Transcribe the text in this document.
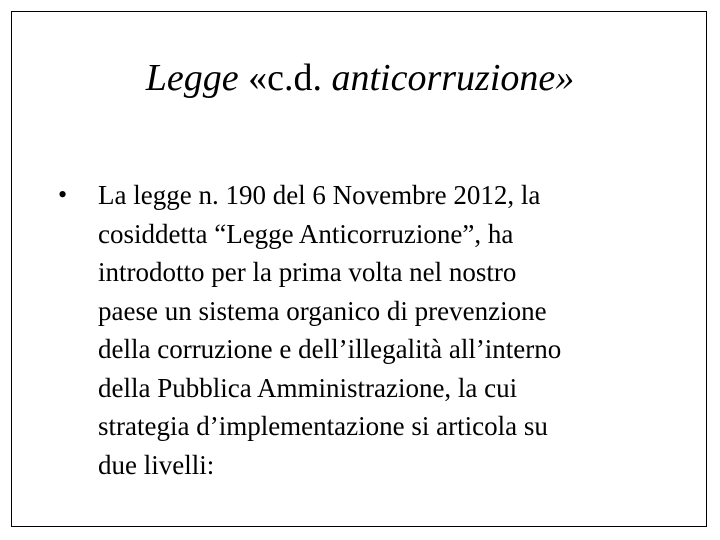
Legge «c.d. anticorruzione»
•	La legge n. 190 del 6 Novembre 2012, la
cosiddetta “Legge Anticorruzione”, ha
introdotto per la prima volta nel nostro
paese un sistema organico di prevenzione
della corruzione e dell’illegalità all’interno
della Pubblica Amministrazione, la cui
strategia d’implementazione si articola su
due livelli:
